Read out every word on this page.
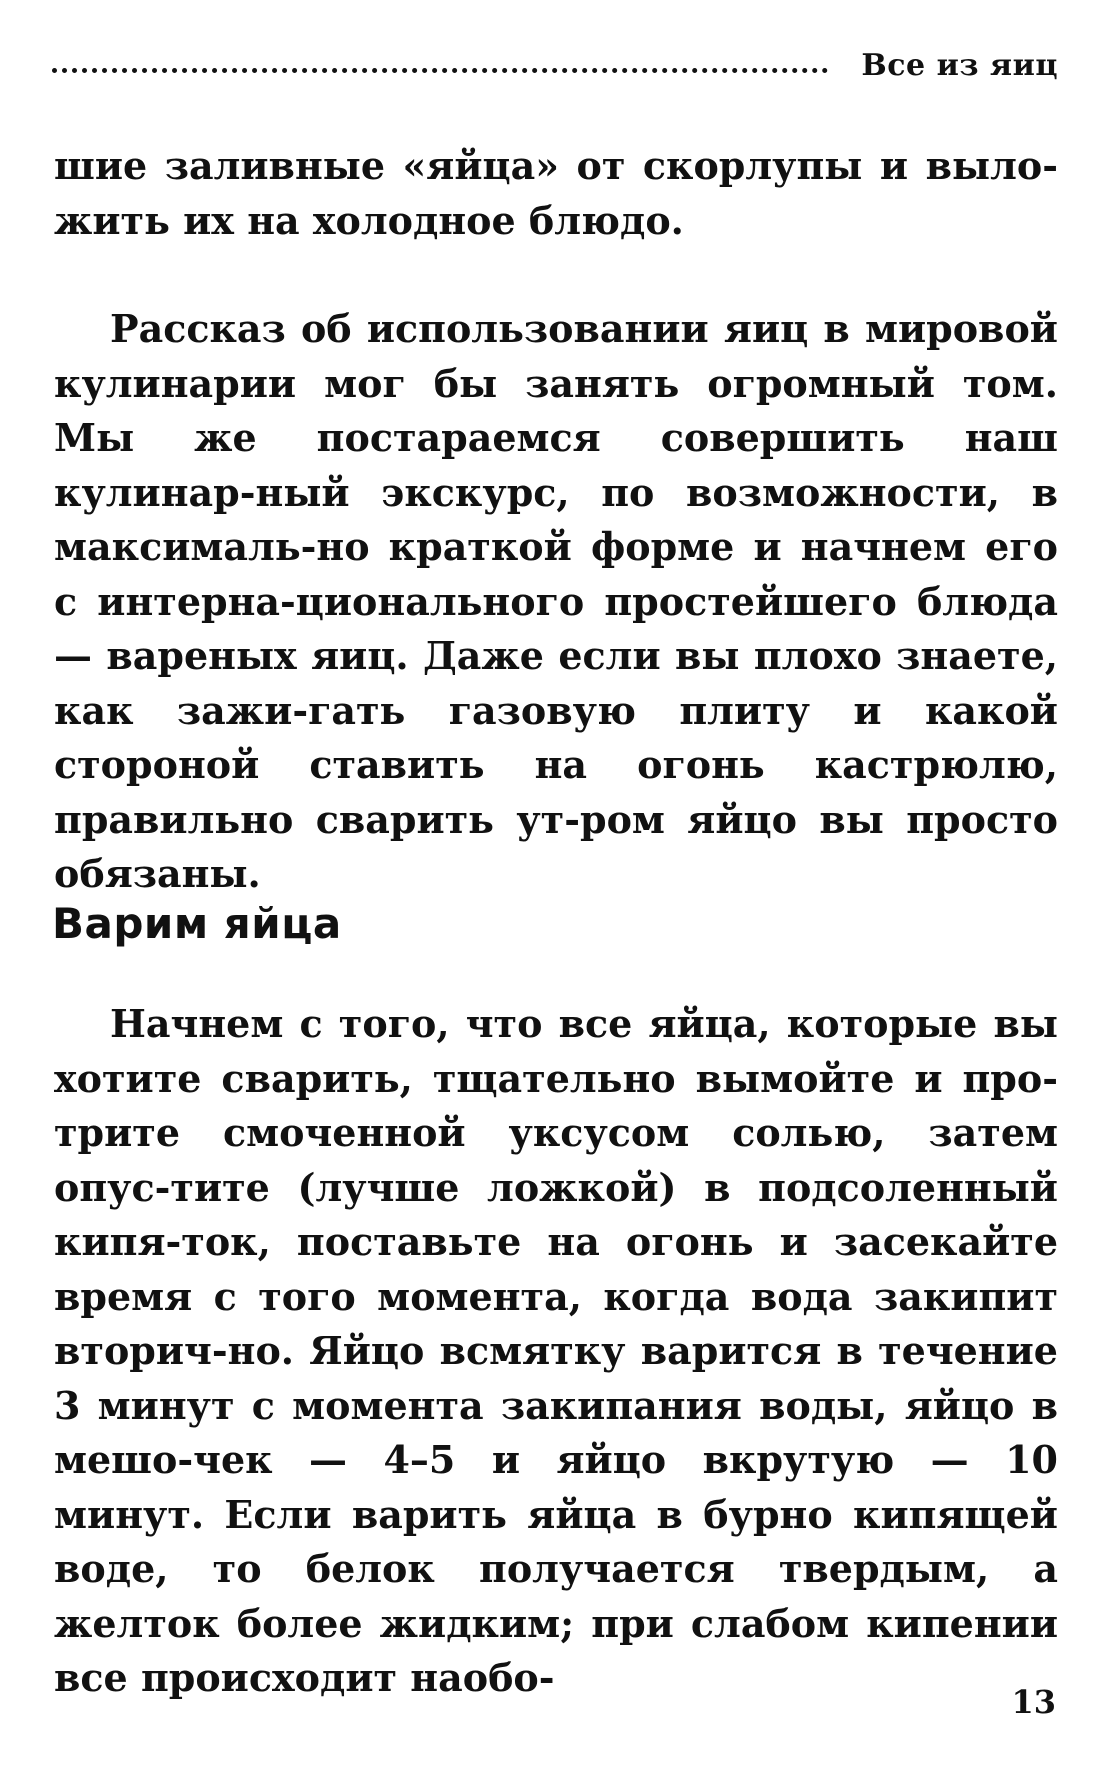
Все из яиц

шие заливные «яйца» от скорлупы и выло-жить их на холодное блюдо.

Рассказ об использовании яиц в мировой кулинарии мог бы занять огромный том. Мы же постараемся совершить наш кулинар-ный экскурс, по возможности, в максималь-но краткой форме и начнем его с интерна-ционального простейшего блюда — вареных яиц. Даже если вы плохо знаете, как зажи-гать газовую плиту и какой стороной ставить на огонь кастрюлю, правильно сварить ут-ром яйцо вы просто обязаны.

Варим яйца

Начнем с того, что все яйца, которые вы хотите сварить, тщательно вымойте и про-трите смоченной уксусом солью, затем опус-тите (лучше ложкой) в подсоленный кипя-ток, поставьте на огонь и засекайте время с того момента, когда вода закипит вторич-но. Яйцо всмятку варится в течение 3 минут с момента закипания воды, яйцо в мешо-чек — 4–5 и яйцо вкрутую — 10 минут. Если варить яйца в бурно кипящей воде, то белок получается твердым, а желток более жидким; при слабом кипении все происходит наобо-

13
